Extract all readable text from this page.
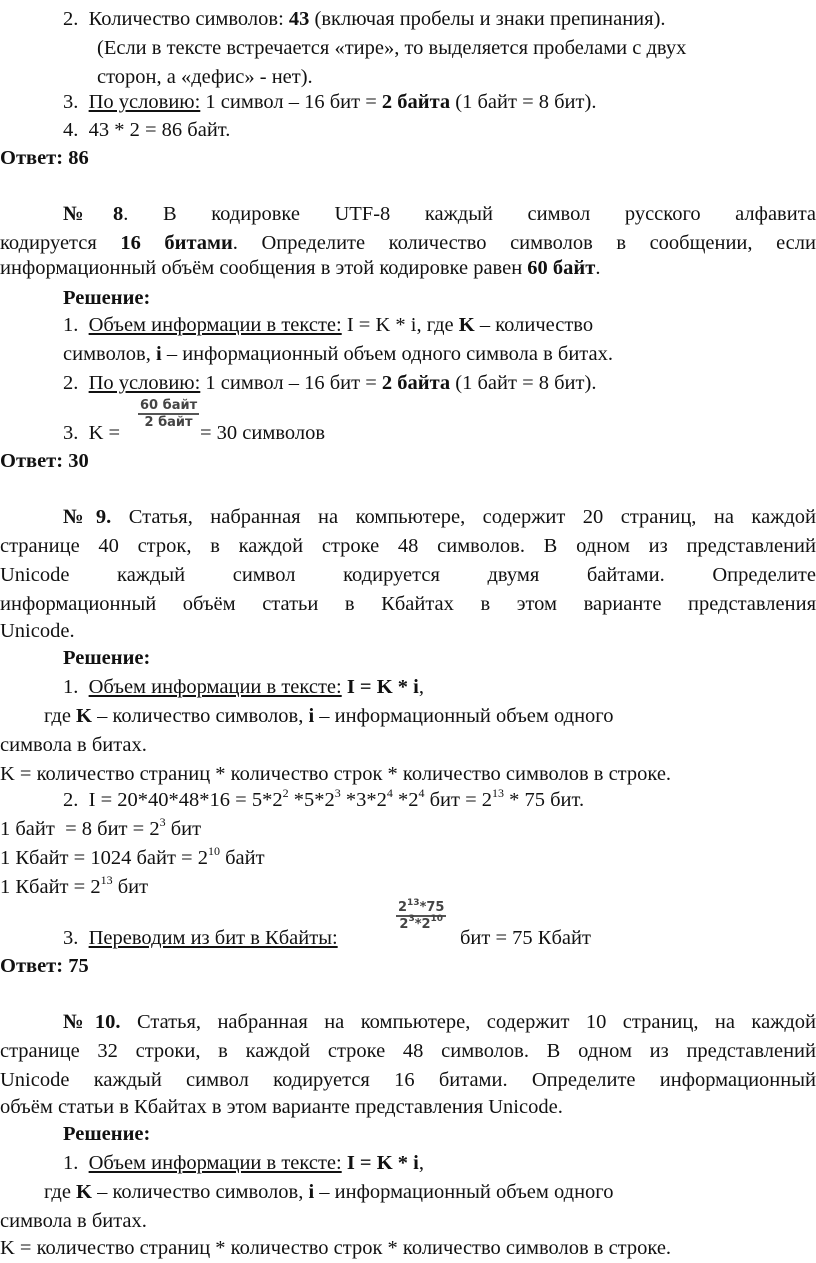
2.  Количество символов: 43 (включая пробелы и знаки препинания).
(Если в тексте встречается «тире», то выделяется пробелами с двух
сторон, а «дефис» - нет).
3.  По условию: 1 символ – 16 бит = 2 байта (1 байт = 8 бит).
4.  43 * 2 = 86 байт.
Ответ: 86
№8. В кодировке UTF-8 каждый символ русского алфавита
кодируется 16 битами. Определите количество символов в сообщении, если
информационный объём сообщения в этой кодировке равен 60 байт.
Решение:
1.  Объем информации в тексте: I = K * i, где K – количество
символов, i – информационный объем одного символа в битах.
2.  По условию: 1 символ – 16 бит = 2 байта (1 байт = 8 бит).
60 байт
2 байт
3.  K =	= 30 символов
Ответ: 30
№9. Статья, набранная на компьютере, содержит 20 страниц, на каждой
странице 40 строк, в каждой строке 48 символов. В одном из представлений
Unicode каждый символ кодируется двумя байтами. Определите
информационный объём статьи в Кбайтах в этом варианте представления
Unicode.
Решение:
1.  Объем информации в тексте: I = K * i,
где K – количество символов, i – информационный объем одного
символа в битах.
K = количество страниц * количество строк * количество символов в строке.
2.  $I = 20*40*48*16 = 5*2^2$ $*5*2^3$ $*3*2^4$ $*2^4$ бит = $2^{13} * 75$ бит.
1 байт  = 8 бит = $2^3$ бит
1 Кбайт = 1024 байт = $2^{10}$ байт
1 Кбайт = $2^{13}$ бит
$2^{13}*75$
$2^3*2^{10}$
3.  Переводим из бит в Кбайты:	бит = 75 Кбайт
Ответ: 75
№10. Статья, набранная на компьютере, содержит 10 страниц, на каждой
странице 32 строки, в каждой строке 48 символов. В одном из представлений
Unicode каждый символ кодируется 16 битами. Определите информационный
объём статьи в Кбайтах в этом варианте представления Unicode.
Решение:
1.  Объем информации в тексте: I = K * i,
где K – количество символов, i – информационный объем одного
символа в битах.
K = количество страниц * количество строк * количество символов в строке.
